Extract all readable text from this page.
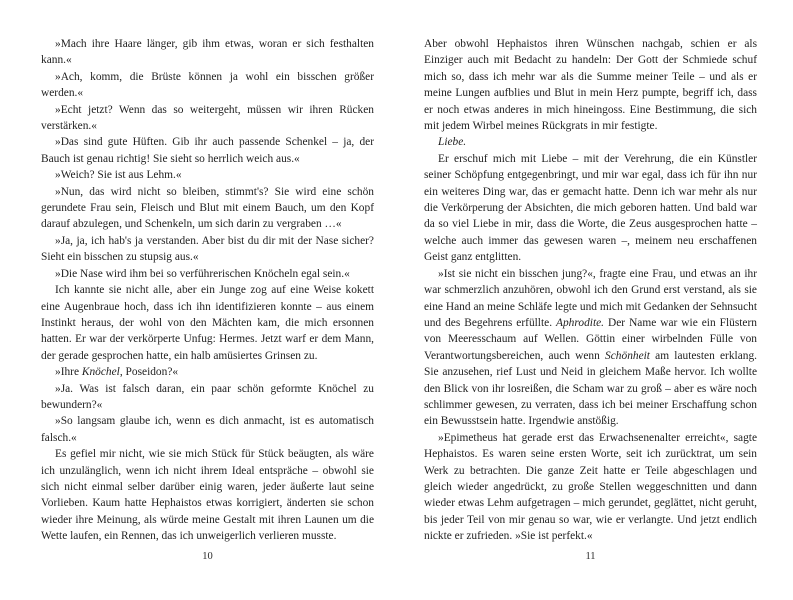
»Mach ihre Haare länger, gib ihm etwas, woran er sich festhalten kann.«

»Ach, komm, die Brüste können ja wohl ein bisschen größer werden.«

»Echt jetzt? Wenn das so weitergeht, müssen wir ihren Rücken verstärken.«

»Das sind gute Hüften. Gib ihr auch passende Schenkel – ja, der Bauch ist genau richtig! Sie sieht so herrlich weich aus.«

»Weich? Sie ist aus Lehm.«

»Nun, das wird nicht so bleiben, stimmt's? Sie wird eine schön gerundete Frau sein, Fleisch und Blut mit einem Bauch, um den Kopf darauf abzulegen, und Schenkeln, um sich darin zu vergraben …«

»Ja, ja, ich hab's ja verstanden. Aber bist du dir mit der Nase sicher? Sieht ein bisschen zu stupsig aus.«

»Die Nase wird ihm bei so verführerischen Knöcheln egal sein.«

Ich kannte sie nicht alle, aber ein Junge zog auf eine Weise kokett eine Augenbraue hoch, dass ich ihn identifizieren konnte – aus einem Instinkt heraus, der wohl von den Mächten kam, die mich ersonnen hatten. Er war der verkörperte Unfug: Hermes. Jetzt warf er dem Mann, der gerade gesprochen hatte, ein halb amüsiertes Grinsen zu.

»Ihre Knöchel, Poseidon?«

»Ja. Was ist falsch daran, ein paar schön geformte Knöchel zu bewundern?«

»So langsam glaube ich, wenn es dich anmacht, ist es automatisch falsch.«

Es gefiel mir nicht, wie sie mich Stück für Stück beäugten, als wäre ich unzulänglich, wenn ich nicht ihrem Ideal entspräche – obwohl sie sich nicht einmal selber darüber einig waren, jeder äußerte laut seine Vorlieben. Kaum hatte Hephaistos etwas korrigiert, änderten sie schon wieder ihre Meinung, als würde meine Gestalt mit ihren Launen um die Wette laufen, ein Rennen, das ich unweigerlich verlieren musste.

10

Aber obwohl Hephaistos ihren Wünschen nachgab, schien er als Einziger auch mit Bedacht zu handeln: Der Gott der Schmiede schuf mich so, dass ich mehr war als die Summe meiner Teile – und als er meine Lungen aufblies und Blut in mein Herz pumpte, begriff ich, dass er noch etwas anderes in mich hineingoss. Eine Bestimmung, die sich mit jedem Wirbel meines Rückgrats in mir festigte.

Liebe.

Er erschuf mich mit Liebe – mit der Verehrung, die ein Künstler seiner Schöpfung entgegenbringt, und mir war egal, dass ich für ihn nur ein weiteres Ding war, das er gemacht hatte. Denn ich war mehr als nur die Verkörperung der Absichten, die mich geboren hatten. Und bald war da so viel Liebe in mir, dass die Worte, die Zeus ausgesprochen hatte – welche auch immer das gewesen waren –, meinem neu erschaffenen Geist ganz entglitten.

»Ist sie nicht ein bisschen jung?«, fragte eine Frau, und etwas an ihr war schmerzlich anzuhören, obwohl ich den Grund erst verstand, als sie eine Hand an meine Schläfe legte und mich mit Gedanken der Sehnsucht und des Begehrens erfüllte. Aphrodite. Der Name war wie ein Flüstern von Meeresschaum auf Wellen. Göttin einer wirbelnden Fülle von Verantwortungsbereichen, auch wenn Schönheit am lautesten erklang. Sie anzusehen, rief Lust und Neid in gleichem Maße hervor. Ich wollte den Blick von ihr losreißen, die Scham war zu groß – aber es wäre noch schlimmer gewesen, zu verraten, dass ich bei meiner Erschaffung schon ein Bewusstsein hatte. Irgendwie anstößig.

»Epimetheus hat gerade erst das Erwachsenenalter erreicht«, sagte Hephaistos. Es waren seine ersten Worte, seit ich zurücktrat, um sein Werk zu betrachten. Die ganze Zeit hatte er Teile abgeschlagen und gleich wieder angedrückt, zu große Stellen weggeschnitten und dann wieder etwas Lehm aufgetragen – mich gerundet, geglättet, nicht geruht, bis jeder Teil von mir genau so war, wie er verlangte. Und jetzt endlich nickte er zufrieden. »Sie ist perfekt.«

11
